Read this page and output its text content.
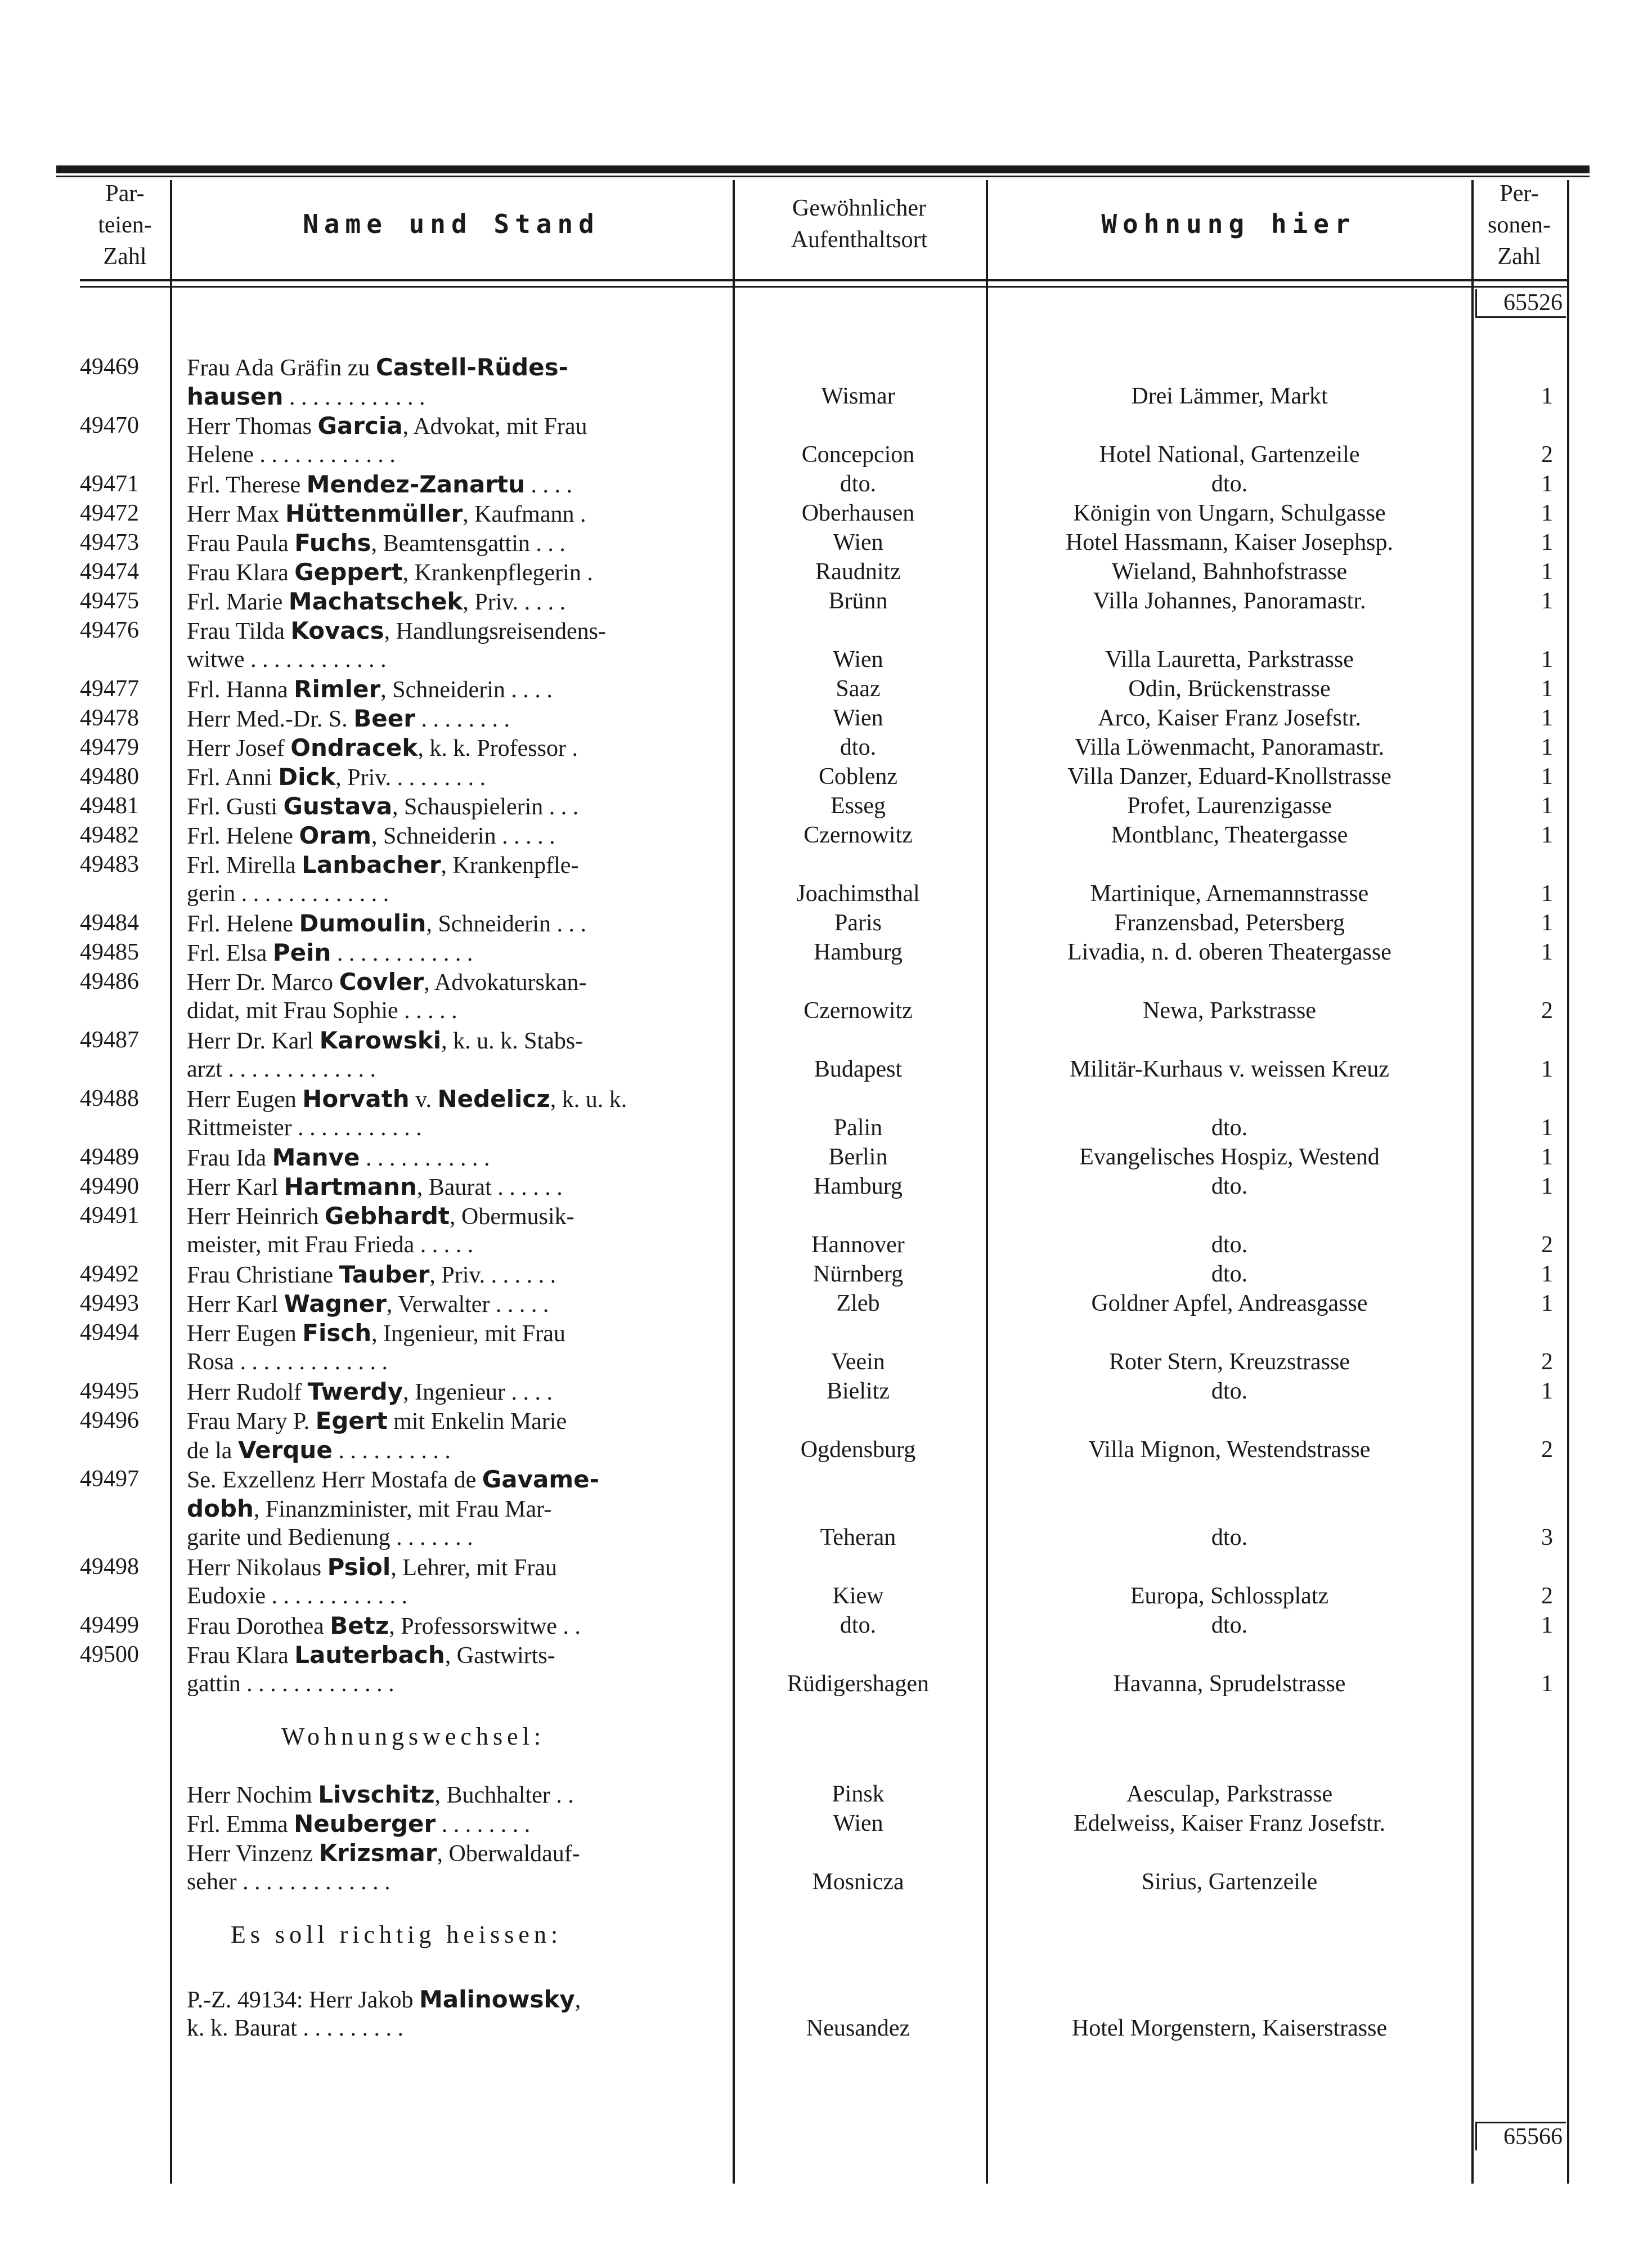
Par-
teien-
Zahl
Name und Stand
Gewöhnlicher
Aufenthaltsort
Wohnung hier
Per-
sonen-
Zahl
65526
65566
49469	Frau Ada Gräfin zu Castell-Rüdes-
hausen . . . . . . . . . . . .	Wismar	Drei Lämmer, Markt	1
49470	Herr Thomas Garcia, Advokat, mit Frau
Helene . . . . . . . . . . . .	Concepcion	Hotel National, Gartenzeile	2
49471	Frl. Therese Mendez-Zanartu . . . .	dto.	dto.	1
49472	Herr Max Hüttenmüller, Kaufmann .	Oberhausen	Königin von Ungarn, Schulgasse	1
49473	Frau Paula Fuchs, Beamtensgattin . . .	Wien	Hotel Hassmann, Kaiser Josephsp.	1
49474	Frau Klara Geppert, Krankenpflegerin .	Raudnitz	Wieland, Bahnhofstrasse	1
49475	Frl. Marie Machatschek, Priv. . . . .	Brünn	Villa Johannes, Panoramastr.	1
49476	Frau Tilda Kovacs, Handlungsreisendens-
witwe . . . . . . . . . . . .	Wien	Villa Lauretta, Parkstrasse	1
49477	Frl. Hanna Rimler, Schneiderin . . . .	Saaz	Odin, Brückenstrasse	1
49478	Herr Med.-Dr. S. Beer . . . . . . . .	Wien	Arco, Kaiser Franz Josefstr.	1
49479	Herr Josef Ondracek, k. k. Professor .	dto.	Villa Löwenmacht, Panoramastr.	1
49480	Frl. Anni Dick, Priv. . . . . . . . .	Coblenz	Villa Danzer, Eduard-Knollstrasse	1
49481	Frl. Gusti Gustava, Schauspielerin . . .	Esseg	Profet, Laurenzigasse	1
49482	Frl. Helene Oram, Schneiderin . . . . .	Czernowitz	Montblanc, Theatergasse	1
49483	Frl. Mirella Lanbacher, Krankenpfle-
gerin . . . . . . . . . . . . .	Joachimsthal	Martinique, Arnemannstrasse	1
49484	Frl. Helene Dumoulin, Schneiderin . . .	Paris	Franzensbad, Petersberg	1
49485	Frl. Elsa Pein . . . . . . . . . . . .	Hamburg	Livadia, n. d. oberen Theatergasse	1
49486	Herr Dr. Marco Covler, Advokaturskan-
didat, mit Frau Sophie . . . . .	Czernowitz	Newa, Parkstrasse	2
49487	Herr Dr. Karl Karowski, k. u. k. Stabs-
arzt . . . . . . . . . . . . .	Budapest	Militär-Kurhaus v. weissen Kreuz	1
49488	Herr Eugen Horvath v. Nedelicz, k. u. k.
Rittmeister . . . . . . . . . . .	Palin	dto.	1
49489	Frau Ida Manve . . . . . . . . . . .	Berlin	Evangelisches Hospiz, Westend	1
49490	Herr Karl Hartmann, Baurat . . . . . .	Hamburg	dto.	1
49491	Herr Heinrich Gebhardt, Obermusik-
meister, mit Frau Frieda . . . . .	Hannover	dto.	2
49492	Frau Christiane Tauber, Priv. . . . . . .	Nürnberg	dto.	1
49493	Herr Karl Wagner, Verwalter . . . . .	Zleb	Goldner Apfel, Andreasgasse	1
49494	Herr Eugen Fisch, Ingenieur, mit Frau
Rosa . . . . . . . . . . . . .	Veein	Roter Stern, Kreuzstrasse	2
49495	Herr Rudolf Twerdy, Ingenieur . . . .	Bielitz	dto.	1
49496	Frau Mary P. Egert mit Enkelin Marie
de la Verque . . . . . . . . . .	Ogdensburg	Villa Mignon, Westendstrasse	2
49497	Se. Exzellenz Herr Mostafa de Gavame-
dobh, Finanzminister, mit Frau Mar-
garite und Bedienung . . . . . . .	Teheran	dto.	3
49498	Herr Nikolaus Psiol, Lehrer, mit Frau
Eudoxie . . . . . . . . . . . .	Kiew	Europa, Schlossplatz	2
49499	Frau Dorothea Betz, Professorswitwe . .	dto.	dto.	1
49500	Frau Klara Lauterbach, Gastwirts-
gattin . . . . . . . . . . . . .	Rüdigershagen	Havanna, Sprudelstrasse	1
Wohnungswechsel:
Herr Nochim Livschitz, Buchhalter . .	Pinsk	Aesculap, Parkstrasse
Frl. Emma Neuberger . . . . . . . .	Wien	Edelweiss, Kaiser Franz Josefstr.
Herr Vinzenz Krizsmar, Oberwaldauf-
seher . . . . . . . . . . . . .	Mosnicza	Sirius, Gartenzeile
Es soll richtig heissen:
P.-Z. 49134: Herr Jakob Malinowsky,
k. k. Baurat . . . . . . . . .	Neusandez	Hotel Morgenstern, Kaiserstrasse
